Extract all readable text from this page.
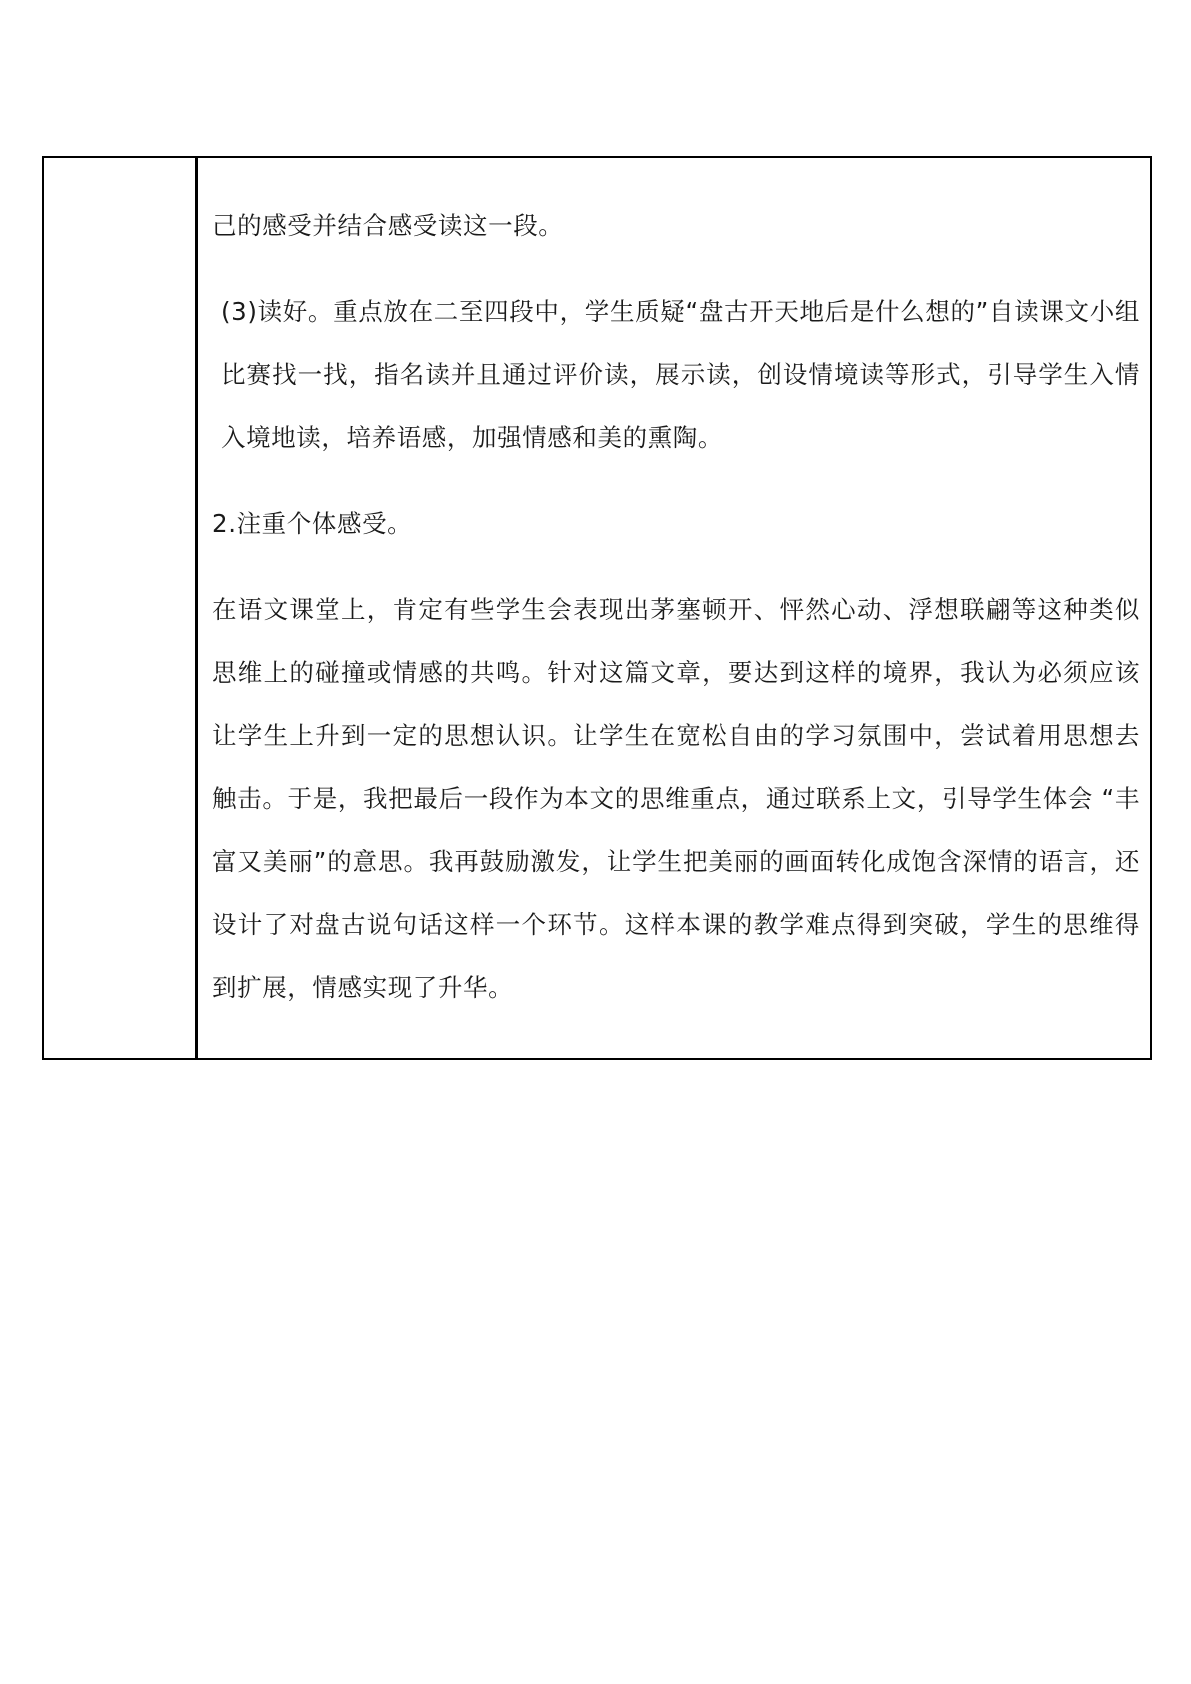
己的感受并结合感受读这一段。

(3)读好。重点放在二至四段中，学生质疑“盘古开天地后是什么想的”自读课文小组比赛找一找，指名读并且通过评价读，展示读，创设情境读等形式，引导学生入情入境地读，培养语感，加强情感和美的熏陶。

2.注重个体感受。

在语文课堂上，肯定有些学生会表现出茅塞顿开、怦然心动、浮想联翩等这种类似思维上的碰撞或情感的共鸣。针对这篇文章，要达到这样的境界，我认为必须应该让学生上升到一定的思想认识。让学生在宽松自由的学习氛围中，尝试着用思想去触击。于是，我把最后一段作为本文的思维重点，通过联系上文，引导学生体会 “丰富又美丽”的意思。我再鼓励激发，让学生把美丽的画面转化成饱含深情的语言，还设计了对盘古说句话这样一个环节。这样本课的教学难点得到突破，学生的思维得到扩展，情感实现了升华。
